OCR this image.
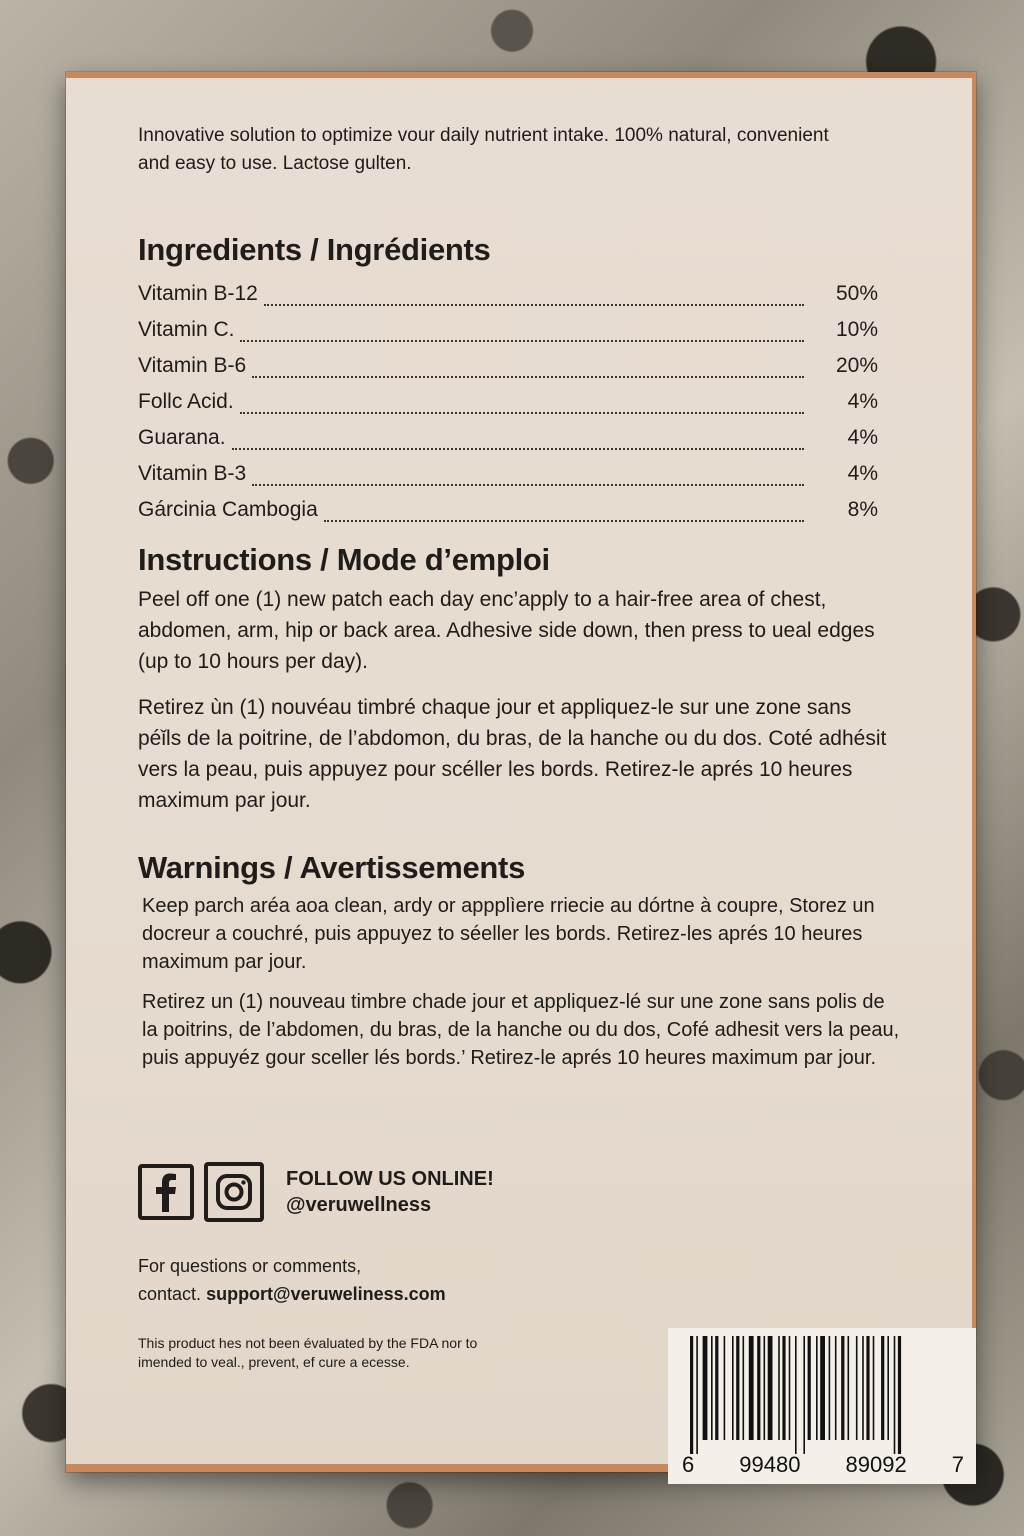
Innovative solution to optimize vour daily nutrient intake. 100% natural, convenient and easy to use. Lactose gulten.

Ingredients / Ingrédients
Vitamin B-12	50%
Vitamin C.	10%
Vitamin B-6	20%
Follc Acid.	4%
Guarana.	4%
Vitamin B-3	4%
Gárcinia Cambogia	8%
Instructions / Mode d’emploi

Peel off one (1) new patch each day enc’apply to a hair-free area of chest, abdomen, arm, hip or back area. Adhesive side down, then press to ueal edges (up to 10 hours per day).

Retirez ùn (1) nouvéau timbré chaque jour et appliquez-le sur une zone sans péǐls de la poitrine, de l’abdomon, du bras, de la hanche ou du dos. Coté adhésit vers la peau, puis appuyez pour scéller les bords. Retirez-le aprés 10 heures maximum par jour.

Warnings / Avertissements

Keep parch aréa aoa clean, ardy or appplìere rriecie au dórtne à coupre, Storez un docreur a couchré, puis appuyez to séeller les bords. Retirez-les aprés 10 heures maximum par jour.

Retirez un (1) nouveau timbre chade jour et appliquez-lé sur une zone sans polis de la poitrins, de l’abdomen, du bras, de la hanche ou du dos, Cofé adhesit vers la peau, puis appuyéz gour sceller lés bords.’ Retirez-le aprés 10 heures maximum par jour.

FOLLOW US ONLINE!
@veruwellness
For questions or comments,
contact. support@veruweliness.com
This product hes not been évaluated by the FDA nor to imended to veal., prevent, ef cure a ecesse.
6 99480 89092 7
